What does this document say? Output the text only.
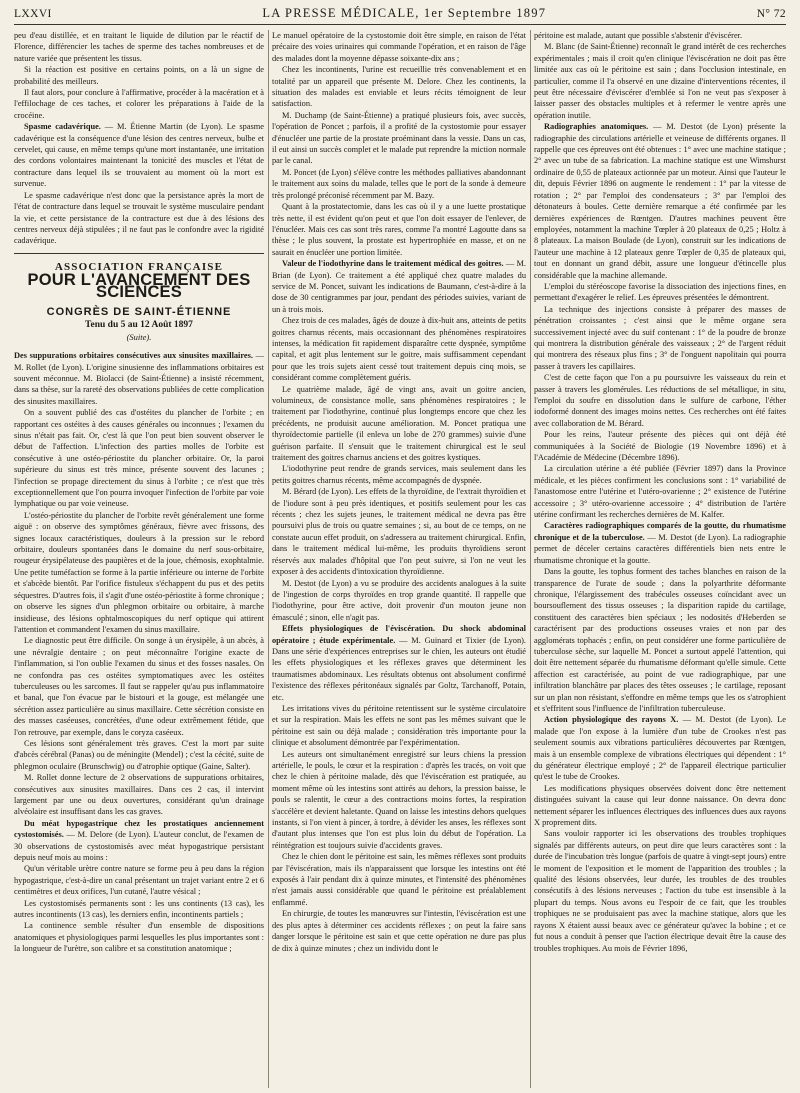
LXXVI	LA PRESSE MÉDICALE, 1er Septembre 1897	N° 72

peu d'eau distillée, et en traitant le liquide de dilution par le réactif de Florence, différencier les taches de sperme des taches nombreuses et de nature variée que présentent les tissus.

Si la réaction est positive en certains points, on a là un signe de probabilité des meilleurs.

Il faut alors, pour conclure à l'affirmative, procéder à la macération et à l'effilochage de ces taches, et colorer les préparations à l'aide de la crocéine.

Spasme cadavérique. — M. Étienne Martin (de Lyon). Le spasme cadavérique est la conséquence d'une lésion des centres nerveux, bulbe et cervelet, qui cause, en même temps qu'une mort instantanée, une irritation des cordons volontaires maintenant la tonicité des muscles et l'état de contracture dans lequel ils se trouvaient au moment où la mort est survenue.

Le spasme cadavérique n'est donc que la persistance après la mort de l'état de contracture dans lequel se trouvait le système musculaire pendant la vie, et cette persistance de la contracture est due à des lésions des centres nerveux déjà stipulées ; il ne faut pas le confondre avec la rigidité cadavérique.

ASSOCIATION FRANÇAISE
POUR L'AVANCEMENT DES SCIENCES
CONGRÈS DE SAINT-ÉTIENNE
Tenu du 5 au 12 Août 1897
(Suite).

Des suppurations orbitaires consécutives aux sinusites maxillaires. — M. Rollet (de Lyon). L'origine sinusienne des inflammations orbitaires est souvent méconnue. M. Biolacci (de Saint-Étienne) a insisté récemment, dans sa thèse, sur la rareté des observations publiées de cette complication des sinusites maxillaires.

On a souvent publié des cas d'ostéites du plancher de l'orbite ; en rapportant ces ostéites à des causes générales ou inconnues ; l'examen du sinus n'était pas fait. Or, c'est là que l'on peut bien souvent observer le début de l'affection. L'infection des parties molles de l'orbite est consécutive à une ostéo-périostite du plancher orbitaire. Or, la paroi supérieure du sinus est très mince, présente souvent des lacunes ; l'infection se propage directement du sinus à l'orbite ; ce n'est que très exceptionnellement que l'on pourra invoquer l'infection de l'orbite par voie lymphatique ou par voie veineuse.

L'ostéo-périostite du plancher de l'orbite revêt généralement une forme aiguë : on observe des symptômes généraux, fièvre avec frissons, des signes locaux caractéristiques, douleurs à la pression sur le rebord orbitaire, douleurs spontanées dans le domaine du nerf sous-orbitaire, rougeur érysipélateuse des paupières et de la joue, chémosis, exophtalmie. Une petite tuméfaction se forme à la partie inférieure ou interne de l'orbite et s'abcède bientôt. Par l'orifice fistuleux s'échappent du pus et des petits séquestres. D'autres fois, il s'agit d'une ostéo-périostite à forme chronique ; on observe les signes d'un phlegmon orbitaire ou orbitaire, à marche insidieuse, des lésions ophtalmoscopiques du nerf optique qui attirent l'attention et commandent l'examen du sinus maxillaire.

Le diagnostic peut être difficile. On songe à un érysipèle, à un abcès, à une névralgie dentaire ; on peut méconnaître l'origine exacte de l'inflammation, si l'on oublie l'examen du sinus et des fosses nasales. On ne confondra pas ces ostéites symptomatiques avec les ostéites tuberculeuses ou les sarcomes. Il faut se rappeler qu'au pus inflammatoire et banal, que l'on évacue par le bistouri et la gouge, est mélangée une sécrétion assez particulière au sinus maxillaire. Cette sécrétion consiste en des masses caséeuses, concrétées, d'une odeur extrêmement fétide, que l'on retrouve, par exemple, dans le coryza caséeux.

Ces lésions sont généralement très graves. C'est la mort par suite d'abcès cérébral (Panas) ou de méningite (Mendel) ; c'est la cécité, suite de phlegmon oculaire (Brunschwig) ou d'atrophie optique (Gaine, Salter).

M. Rollet donne lecture de 2 observations de suppurations orbitaires, consécutives aux sinusites maxillaires. Dans ces 2 cas, il intervint largement par une ou deux ouvertures, considérant qu'un drainage alvéolaire est insuffisant dans les cas graves.

Du méat hypogastrique chez les prostatiques anciennement cystostomisés. — M. Delore (de Lyon). L'auteur conclut, de l'examen de 30 observations de cystostomisés avec méat hypogastrique persistant depuis neuf mois au moins :

Qu'un véritable urètre contre nature se forme peu à peu dans la région hypogastrique, c'est-à-dire un canal présentant un trajet variant entre 2 et 6 centimètres et deux orifices, l'un cutané, l'autre vésical ;

Les cystostomisés permanents sont : les uns continents (13 cas), les autres incontinents (13 cas), les derniers enfin, incontinents partiels ;

La continence semble résulter d'un ensemble de dispositions anatomiques et physiologiques parmi lesquelles les plus importantes sont : la longueur de l'urètre, son calibre et sa constitution anatomique ;

Le manuel opératoire de la cystostomie doit être simple, en raison de l'état précaire des voies urinaires qui commande l'opération, et en raison de l'âge des malades dont la moyenne dépasse soixante-dix ans ;

Chez les incontinents, l'urine est recueillie très convenablement et en totalité par un appareil que présente M. Delore. Chez les continents, la situation des malades est enviable et leurs récits témoignent de leur satisfaction.

M. Duchamp (de Saint-Étienne) a pratiqué plusieurs fois, avec succès, l'opération de Poncet ; parfois, il a profité de la cystostomie pour essayer d'énucléer une partie de la prostate proéminant dans la vessie. Dans un cas, il eut ainsi un succès complet et le malade put reprendre la miction normale par le canal.

M. Poncet (de Lyon) s'élève contre les méthodes palliatives abandonnant le traitement aux soins du malade, telles que le port de la sonde à demeure très prolongé préconisé récemment par M. Bazy.

Quant à la prostatectomie, dans les cas où il y a une luette prostatique très nette, il est évident qu'on peut et que l'on doit essayer de l'enlever, de l'énucléer. Mais ces cas sont très rares, comme l'a montré Lagoutte dans sa thèse ; le plus souvent, la prostate est hypertrophiée en masse, et on ne saurait en énucléer une portion limitée.

Valeur de l'iodothyrine dans le traitement médical des goitres. — M. Brian (de Lyon). Ce traitement a été appliqué chez quatre malades du service de M. Poncet, suivant les indications de Baumann, c'est-à-dire à la dose de 30 centigrammes par jour, pendant des périodes suivies, variant de un à trois mois.

Chez trois de ces malades, âgés de douze à dix-huit ans, atteints de petits goitres charnus récents, mais occasionnant des phénomènes respiratoires intenses, la médication fit rapidement disparaître cette dyspnée, symptôme capital, et agit plus lentement sur le goitre, mais suffisamment cependant pour que les trois sujets aient cessé tout traitement depuis cinq mois, se considérant comme complètement guéris.

Le quatrième malade, âgé de vingt ans, avait un goitre ancien, volumineux, de consistance molle, sans phénomènes respiratoires ; le traitement par l'iodothyrine, continué plus longtemps encore que chez les précédents, ne produisit aucune amélioration. M. Poncet pratiqua une thyroïdectomie partielle (il enleva un lobe de 270 grammes) suivie d'une guérison parfaite. Il s'ensuit que le traitement chirurgical est le seul traitement des goitres charnus anciens et des goitres kystiques.

L'iodothyrine peut rendre de grands services, mais seulement dans les petits goitres charnus récents, même accompagnés de dyspnée.

M. Bérard (de Lyon). Les effets de la thyroïdine, de l'extrait thyroïdien et de l'iodure sont à peu près identiques, et positifs seulement pour les cas récents ; chez les sujets jeunes, le traitement médical ne devra pas être poursuivi plus de trois ou quatre semaines ; si, au bout de ce temps, on ne constate aucun effet produit, on s'adressera au traitement chirurgical. Enfin, dans le traitement médical lui-même, les produits thyroïdiens seront réservés aux malades d'hôpital que l'on peut suivre, si l'on ne veut les exposer à des accidents d'intoxication thyroïdienne.

M. Destot (de Lyon) a vu se produire des accidents analogues à la suite de l'ingestion de corps thyroïdes en trop grande quantité. Il rappelle que l'iodothyrine, pour être active, doit provenir d'un mouton jeune non émasculé ; sinon, elle n'agit pas.

Effets physiologiques de l'éviscération. Du shock abdominal opératoire ; étude expérimentale. — M. Guinard et Tixier (de Lyon). Dans une série d'expériences entreprises sur le chien, les auteurs ont étudié les effets physiologiques et les réflexes graves que déterminent les traumatismes abdominaux. Les résultats obtenus ont absolument confirmé l'existence des réflexes péritonéaux signalés par Goltz, Tarchanoff, Potain, etc.

Les irritations vives du péritoine retentissent sur le système circulatoire et sur la respiration. Mais les effets ne sont pas les mêmes suivant que le péritoine est sain ou déjà malade ; considération très importante pour la clinique et absolument démontrée par l'expérimentation.

Les auteurs ont simultanément enregistré sur leurs chiens la pression artérielle, le pouls, le cœur et la respiration : d'après les tracés, on voit que chez le chien à péritoine malade, dès que l'éviscération est pratiquée, au moment même où les intestins sont attirés au dehors, la pression baisse, le pouls se ralentit, le cœur a des contractions moins fortes, la respiration s'accélère et devient haletante. Quand on laisse les intestins dehors quelques instants, si l'on vient à pincer, à tordre, à dévider les anses, les réflexes sont d'autant plus intenses que l'on est plus loin du début de l'opération. La réintégration est toujours suivie d'accidents graves.

Chez le chien dont le péritoine est sain, les mêmes réflexes sont produits par l'éviscération, mais ils n'apparaissent que lorsque les intestins ont été exposés à l'air pendant dix à quinze minutes, et l'intensité des phénomènes n'est jamais aussi considérable que quand le péritoine est préalablement enflammé.

En chirurgie, de toutes les manœuvres sur l'intestin, l'éviscération est une des plus aptes à déterminer ces accidents réflexes ; on peut la faire sans danger lorsque le péritoine est sain et que cette opération ne dure pas plus de dix à quinze minutes ; chez un individu dont le

péritoine est malade, autant que possible s'abstenir d'éviscérer.

M. Blanc (de Saint-Étienne) reconnaît le grand intérêt de ces recherches expérimentales ; mais il croit qu'en clinique l'éviscération ne doit pas être limitée aux cas où le péritoine est sain ; dans l'occlusion intestinale, en particulier, comme il l'a observé en une dizaine d'interventions récentes, il peut être nécessaire d'éviscérer d'emblée si l'on ne veut pas s'exposer à laisser passer des obstacles multiples et à refermer le ventre après une opération inutile.

Radiographies anatomiques. — M. Destot (de Lyon) présente la radiographie des circulations artérielle et veineuse de différents organes. Il rappelle que ces épreuves ont été obtenues : 1° avec une machine statique ; 2° avec un tube de sa fabrication. La machine statique est une Wimshurst ordinaire de 0,55 de plateaux actionnée par un moteur. Ainsi que l'auteur le dit, depuis Février 1896 on augmente le rendement : 1° par la vitesse de rotation ; 2° par l'emploi des condensateurs ; 3° par l'emploi des détonateurs à boules. Cette dernière remarque a été confirmée par les dernières expériences de Rœntgen. D'autres machines peuvent être employées, notamment la machine Tœpler à 20 plateaux de 0,25 ; Holtz à 8 plateaux. La maison Boulade (de Lyon), construit sur les indications de l'auteur une machine à 12 plateaux genre Tœpler de 0,35 de plateaux qui, tout en donnant un grand débit, assure une longueur d'étincelle plus considérable que la machine allemande.

L'emploi du stéréoscope favorise la dissociation des injections fines, en permettant d'exagérer le relief. Les épreuves présentées le démontrent.

La technique des injections consiste à préparer des masses de pénétration croissantes ; c'est ainsi que le même organe sera successivement injecté avec du suif contenant : 1° de la poudre de bronze qui montrera la distribution générale des vaisseaux ; 2° de l'argent réduit qui montrera des réseaux plus fins ; 3° de l'onguent napolitain qui pourra passer à travers les capillaires.

C'est de cette façon que l'on a pu poursuivre les vaisseaux du rein et passer à travers les glomérules. Les réductions de sel métallique, in situ, l'emploi du soufre en dissolution dans le sulfure de carbone, l'éther iodoformé donnent des images moins nettes. Ces recherches ont été faites avec collaboration de M. Bérard.

Pour les reins, l'auteur présente des pièces qui ont déjà été communiquées à la Société de Biologie (19 Novembre 1896) et à l'Académie de Médecine (Décembre 1896).

La circulation utérine a été publiée (Février 1897) dans la Province médicale, et les pièces confirment les conclusions sont : 1° variabilité de l'anastomose entre l'utérine et l'utéro-ovarienne ; 2° existence de l'utérine accessoire ; 3° utéro-ovarienne accessoire ; 4° distribution de l'artère utérine confirmant les recherches dernières de M. Kalfer.

Caractères radiographiques comparés de la goutte, du rhumatisme chronique et de la tuberculose. — M. Destot (de Lyon). La radiographie permet de déceler certains caractères différentiels bien nets entre le rhumatisme chronique et la goutte.

Dans la goutte, les tophus forment des taches blanches en raison de la transparence de l'urate de soude ; dans la polyarthrite déformante chronique, l'élargissement des trabécules osseuses coïncidant avec un boursouflement des tissus osseuses ; la disparition rapide du cartilage, constituent des caractères bien spéciaux ; les nodosités d'Heberden se caractérisent par des productions osseuses vraies et non par des agglomérats tophacés ; enfin, on peut considérer une forme particulière de tuberculose sèche, sur laquelle M. Poncet a surtout appelé l'attention, qui doit être nettement séparée du rhumatisme déformant qu'elle simule. Cette affection est caractérisée, au point de vue radiographique, par une infiltration blanchâtre par places des têtes osseuses ; le cartilage, reposant sur un plan non résistant, s'effondre en même temps que les os s'atrophient et s'effritent sous l'influence de l'infiltration tuberculeuse.

Action physiologique des rayons X. — M. Destot (de Lyon). Le malade que l'on expose à la lumière d'un tube de Crookes n'est pas seulement soumis aux vibrations particulières découvertes par Rœntgen, mais à un ensemble complexe de vibrations électriques qui dépendent : 1° du générateur électrique employé ; 2° de l'appareil électrique particulier qu'est le tube de Crookes.

Les modifications physiques observées doivent donc être nettement distinguées suivant la cause qui leur donne naissance. On devra donc nettement séparer les influences électriques des influences dues aux rayons X proprement dits.

Sans vouloir rapporter ici les observations des troubles trophiques signalés par différents auteurs, on peut dire que leurs caractères sont : la durée de l'incubation très longue (parfois de quatre à vingt-sept jours) entre le moment de l'exposition et le moment de l'apparition des troubles ; la qualité des lésions observées, leur durée, les troubles de des troubles consécutifs à des lésions nerveuses ; l'action du tube est insensible à la plupart du temps. Nous avons eu l'espoir de ce fait, que les troubles trophiques ne se produisaient pas avec la machine statique, alors que les rayons X étaient aussi beaux avec ce générateur qu'avec la bobine ; et ce fut nous a conduit à penser que l'action électrique devait être la cause des troubles trophiques. Au mois de Février 1896,
